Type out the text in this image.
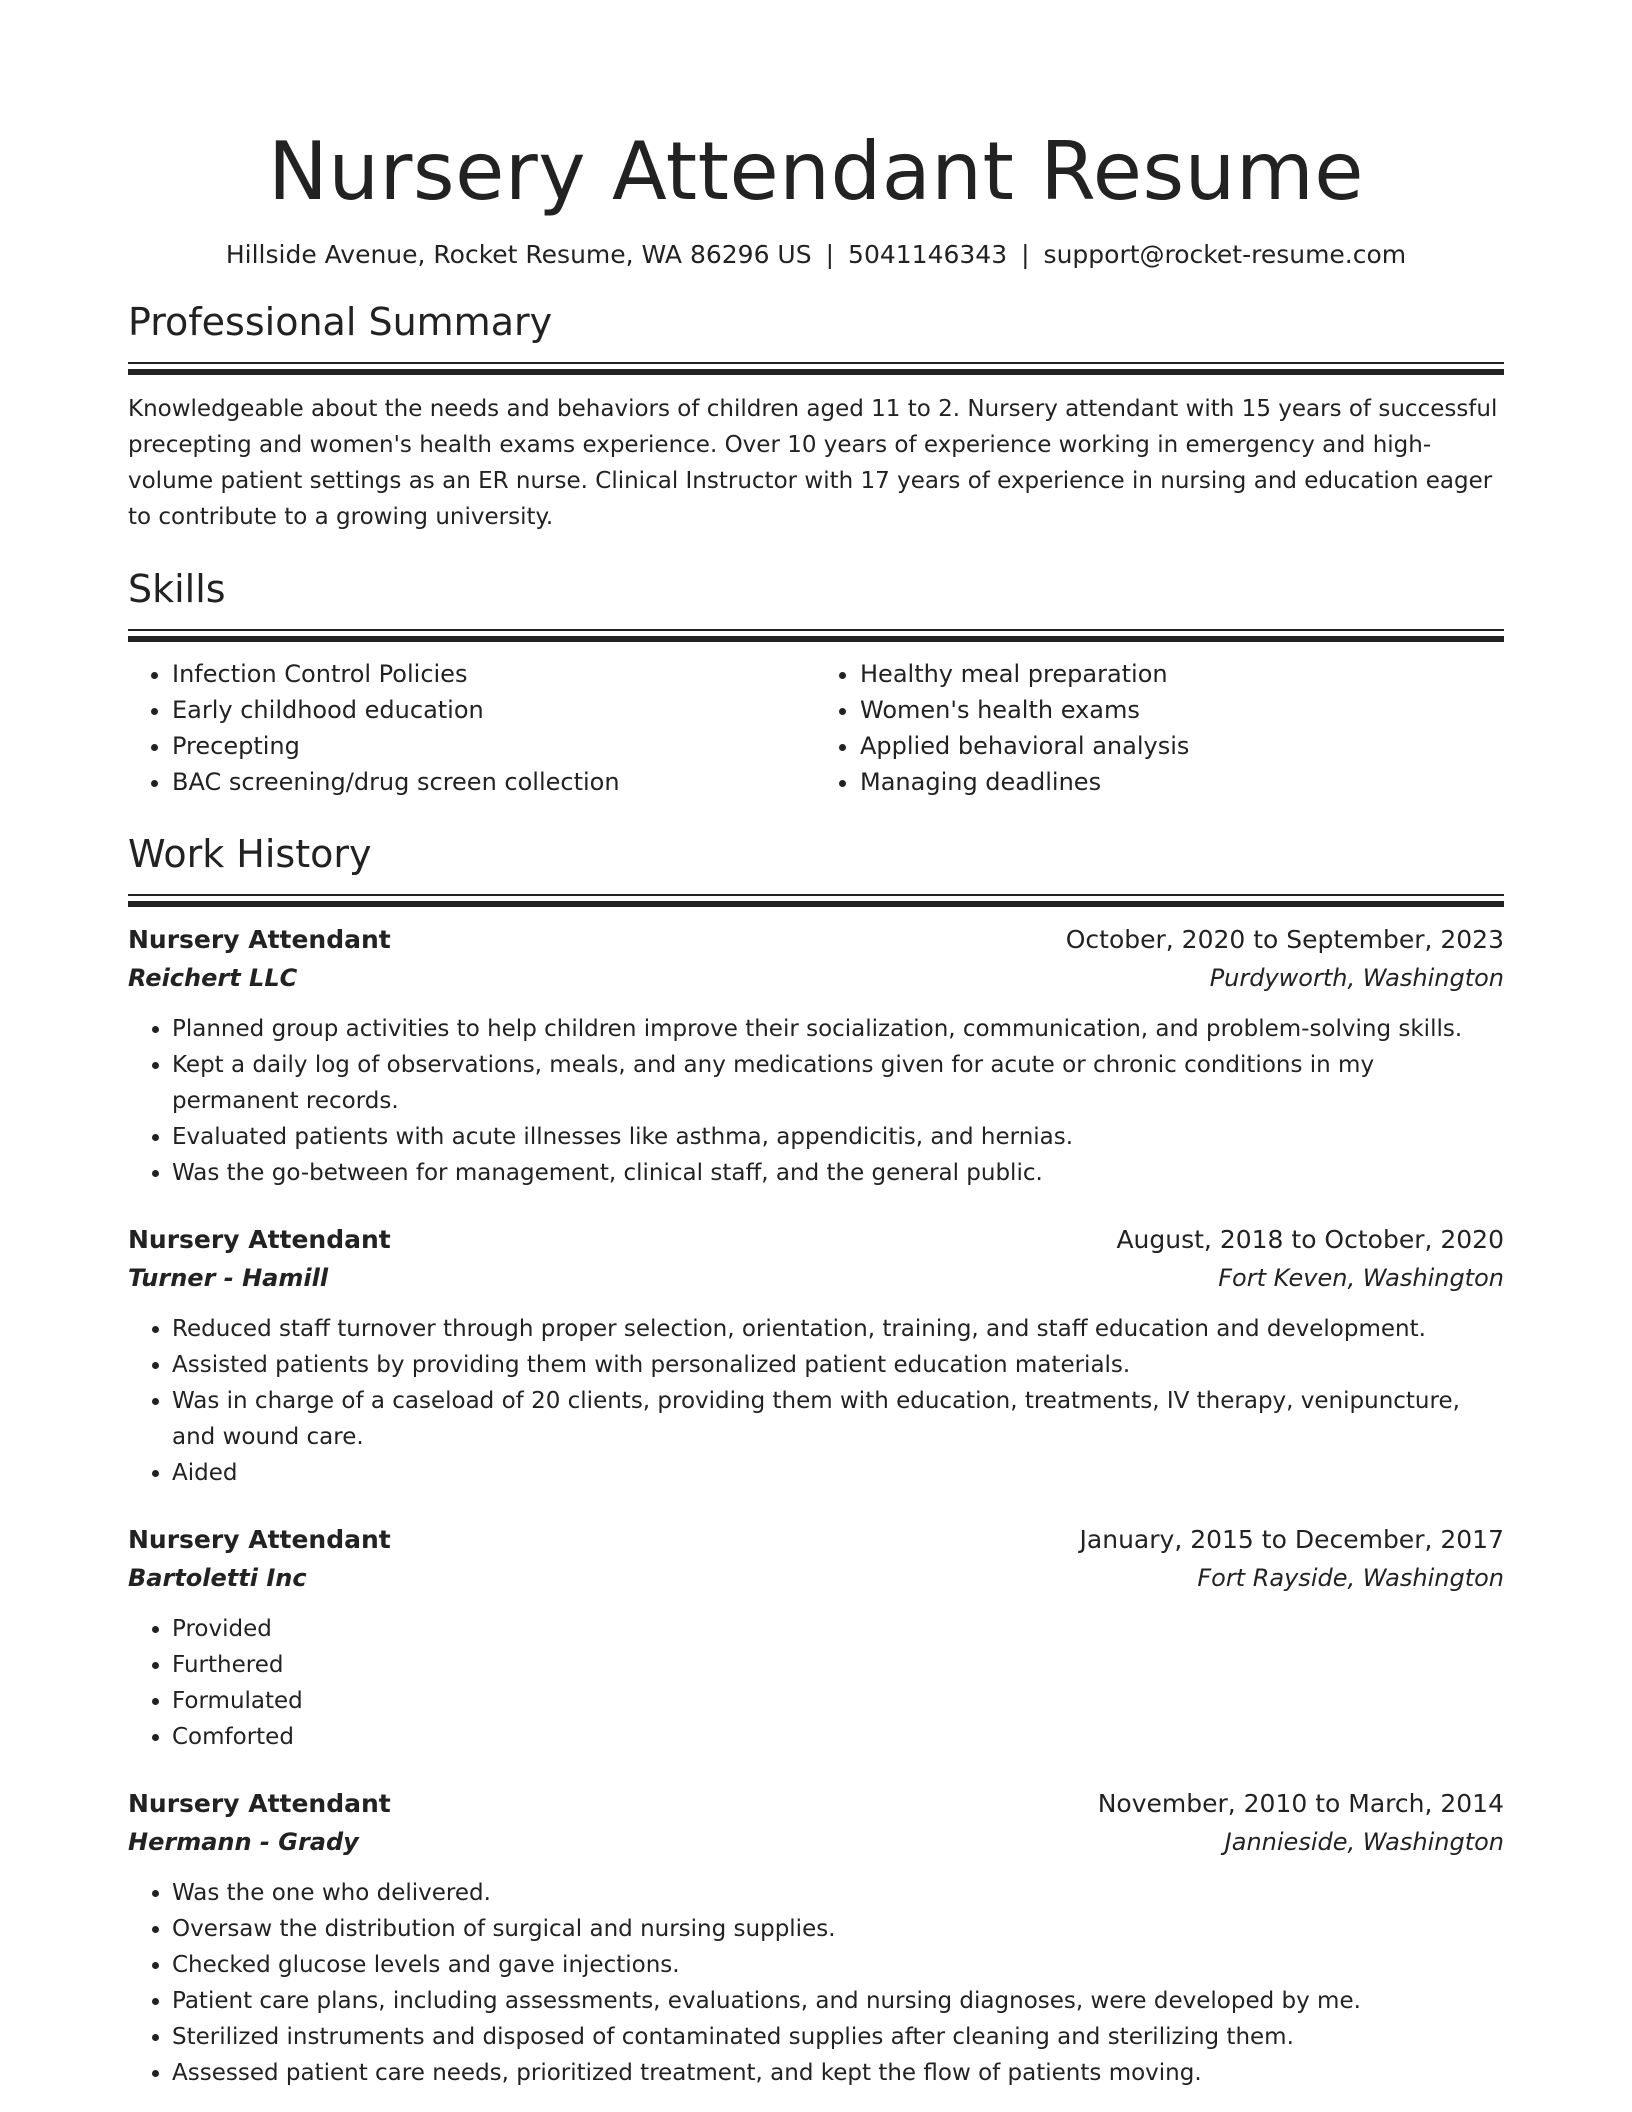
Nursery Attendant Resume
Hillside Avenue, Rocket Resume, WA 86296 US | 5041146343 | support@rocket-resume.com
Professional Summary

Knowledgeable about the needs and behaviors of children aged 11 to 2. Nursery attendant with 15 years of successful precepting and women's health exams experience. Over 10 years of experience working in emergency and high-volume patient settings as an ER nurse. Clinical Instructor with 17 years of experience in nursing and education eager to contribute to a growing university.

Skills
• Infection Control Policies
• Early childhood education
• Precepting
• BAC screening/drug screen collection
• Healthy meal preparation
• Women's health exams
• Applied behavioral analysis
• Managing deadlines
Work History
Nursery Attendant	October, 2020 to September, 2023
Reichert LLC	Purdyworth, Washington
• Planned group activities to help children improve their socialization, communication, and problem-solving skills.
• Kept a daily log of observations, meals, and any medications given for acute or chronic conditions in my permanent records.
• Evaluated patients with acute illnesses like asthma, appendicitis, and hernias.
• Was the go-between for management, clinical staff, and the general public.
Nursery Attendant	August, 2018 to October, 2020
Turner - Hamill	Fort Keven, Washington
• Reduced staff turnover through proper selection, orientation, training, and staff education and development.
• Assisted patients by providing them with personalized patient education materials.
• Was in charge of a caseload of 20 clients, providing them with education, treatments, IV therapy, venipuncture, and wound care.
• Aided
Nursery Attendant	January, 2015 to December, 2017
Bartoletti Inc	Fort Rayside, Washington
• Provided
• Furthered
• Formulated
• Comforted
Nursery Attendant	November, 2010 to March, 2014
Hermann - Grady	Jannieside, Washington
• Was the one who delivered.
• Oversaw the distribution of surgical and nursing supplies.
• Checked glucose levels and gave injections.
• Patient care plans, including assessments, evaluations, and nursing diagnoses, were developed by me.
• Sterilized instruments and disposed of contaminated supplies after cleaning and sterilizing them.
• Assessed patient care needs, prioritized treatment, and kept the flow of patients moving.
